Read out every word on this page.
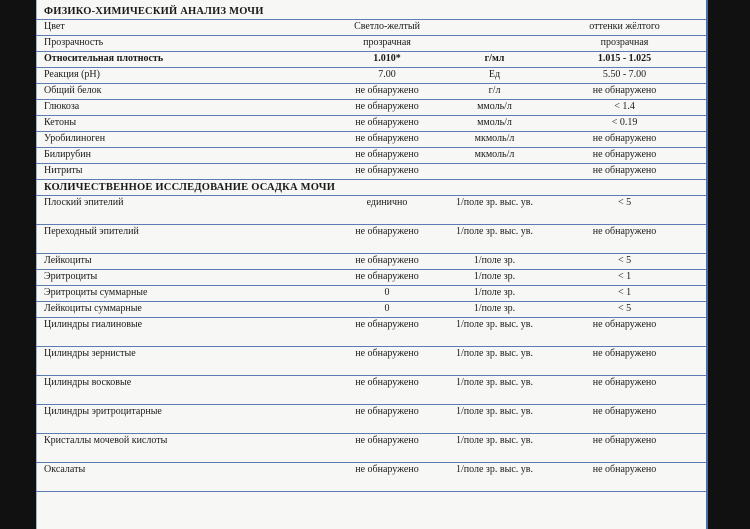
ФИЗИКО-ХИМИЧЕСКИЙ АНАЛИЗ МОЧИ			
Цвет	Светло-желтый		оттенки жёлтого
Прозрачность	прозрачная		прозрачная
Относительная плотность	1.010*	г/мл	1.015 - 1.025
Реакция (pH)	7.00	Ед	5.50 - 7.00
Общий белок	не обнаружено	г/л	не обнаружено
Глюкоза	не обнаружено	ммоль/л	< 1.4
Кетоны	не обнаружено	ммоль/л	< 0.19
Уробилиноген	не обнаружено	мкмоль/л	не обнаружено
Билирубин	не обнаружено	мкмоль/л	не обнаружено
Нитриты	не обнаружено		не обнаружено
КОЛИЧЕСТВЕННОЕ ИССЛЕДОВАНИЕ ОСАДКА МОЧИ			
Плоский эпителий	единично	1/поле зр. выс. ув.	< 5
Переходный эпителий	не обнаружено	1/поле зр. выс. ув.	не обнаружено
Лейкоциты	не обнаружено	1/поле зр.	< 5
Эритроциты	не обнаружено	1/поле зр.	< 1
Эритроциты суммарные	0	1/поле зр.	< 1
Лейкоциты суммарные	0	1/поле зр.	< 5
Цилиндры гиалиновые	не обнаружено	1/поле зр. выс. ув.	не обнаружено
Цилиндры зернистые	не обнаружено	1/поле зр. выс. ув.	не обнаружено
Цилиндры восковые	не обнаружено	1/поле зр. выс. ув.	не обнаружено
Цилиндры эритроцитарные	не обнаружено	1/поле зр. выс. ув.	не обнаружено
Кристаллы мочевой кислоты	не обнаружено	1/поле зр. выс. ув.	не обнаружено
Оксалаты	не обнаружено	1/поле зр. выс. ув.	не обнаружено
